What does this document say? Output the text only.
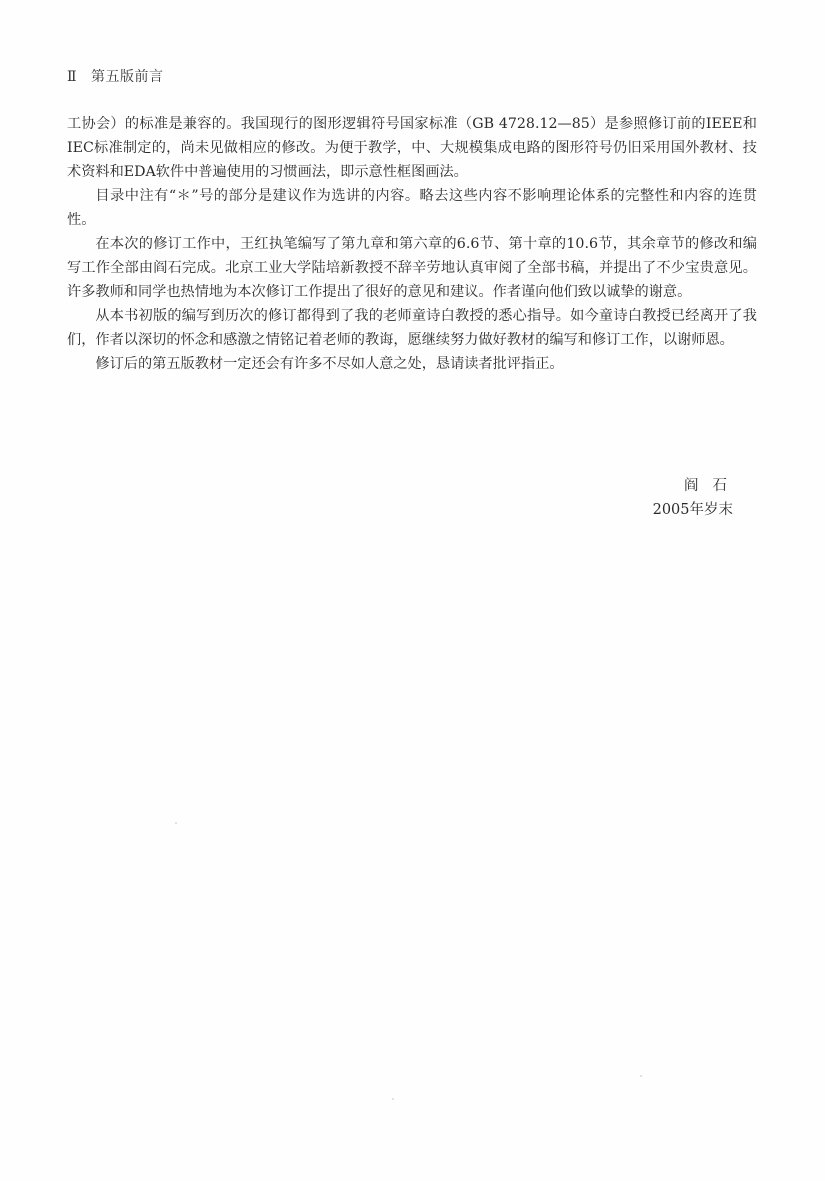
Ⅱ 第五版前言

工协会）的标准是兼容的。我国现行的图形逻辑符号国家标准（GB 4728.12—85）是参照修订前的IEEE和IEC标准制定的，尚未见做相应的修改。为便于教学，中、大规模集成电路的图形符号仍旧采用国外教材、技术资料和EDA软件中普遍使用的习惯画法，即示意性框图画法。

目录中注有“＊”号的部分是建议作为选讲的内容。略去这些内容不影响理论体系的完整性和内容的连贯性。

在本次的修订工作中，王红执笔编写了第九章和第六章的6.6节、第十章的10.6节，其余章节的修改和编写工作全部由阎石完成。北京工业大学陆培新教授不辞辛劳地认真审阅了全部书稿，并提出了不少宝贵意见。许多教师和同学也热情地为本次修订工作提出了很好的意见和建议。作者谨向他们致以诚挚的谢意。

从本书初版的编写到历次的修订都得到了我的老师童诗白教授的悉心指导。如今童诗白教授已经离开了我们，作者以深切的怀念和感激之情铭记着老师的教诲，愿继续努力做好教材的编写和修订工作，以谢师恩。

修订后的第五版教材一定还会有许多不尽如人意之处，恳请读者批评指正。

阎石
2005年岁末
